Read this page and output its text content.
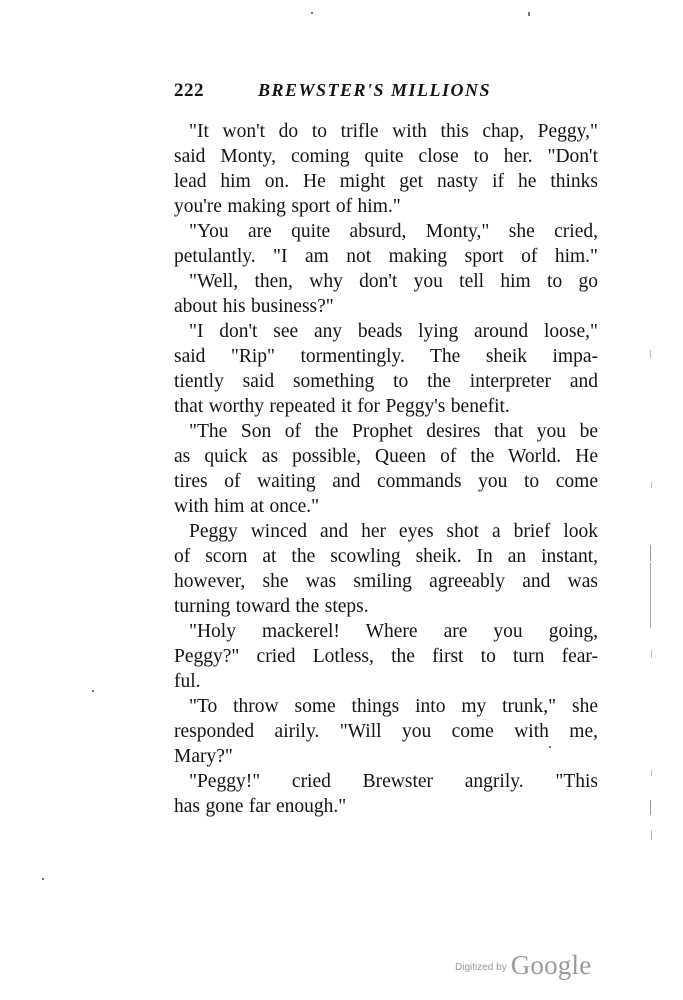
222	BREWSTER'S MILLIONS
"It won't do to trifle with this chap, Peggy,"
said Monty, coming quite close to her. "Don't
lead him on. He might get nasty if he thinks
you're making sport of him."
"You are quite absurd, Monty," she cried,
petulantly. "I am not making sport of him."
"Well, then, why don't you tell him to go
about his business?"
"I don't see any beads lying around loose,"
said "Rip" tormentingly. The sheik impa-
tiently said something to the interpreter and
that worthy repeated it for Peggy's benefit.
"The Son of the Prophet desires that you be
as quick as possible, Queen of the World. He
tires of waiting and commands you to come
with him at once."
Peggy winced and her eyes shot a brief look
of scorn at the scowling sheik. In an instant,
however, she was smiling agreeably and was
turning toward the steps.
"Holy mackerel! Where are you going,
Peggy?" cried Lotless, the first to turn fear-
ful.
"To throw some things into my trunk," she
responded airily. "Will you come with me,
Mary?"
"Peggy!" cried Brewster angrily. "This
has gone far enough."
$^{Digitized by}$ Google
